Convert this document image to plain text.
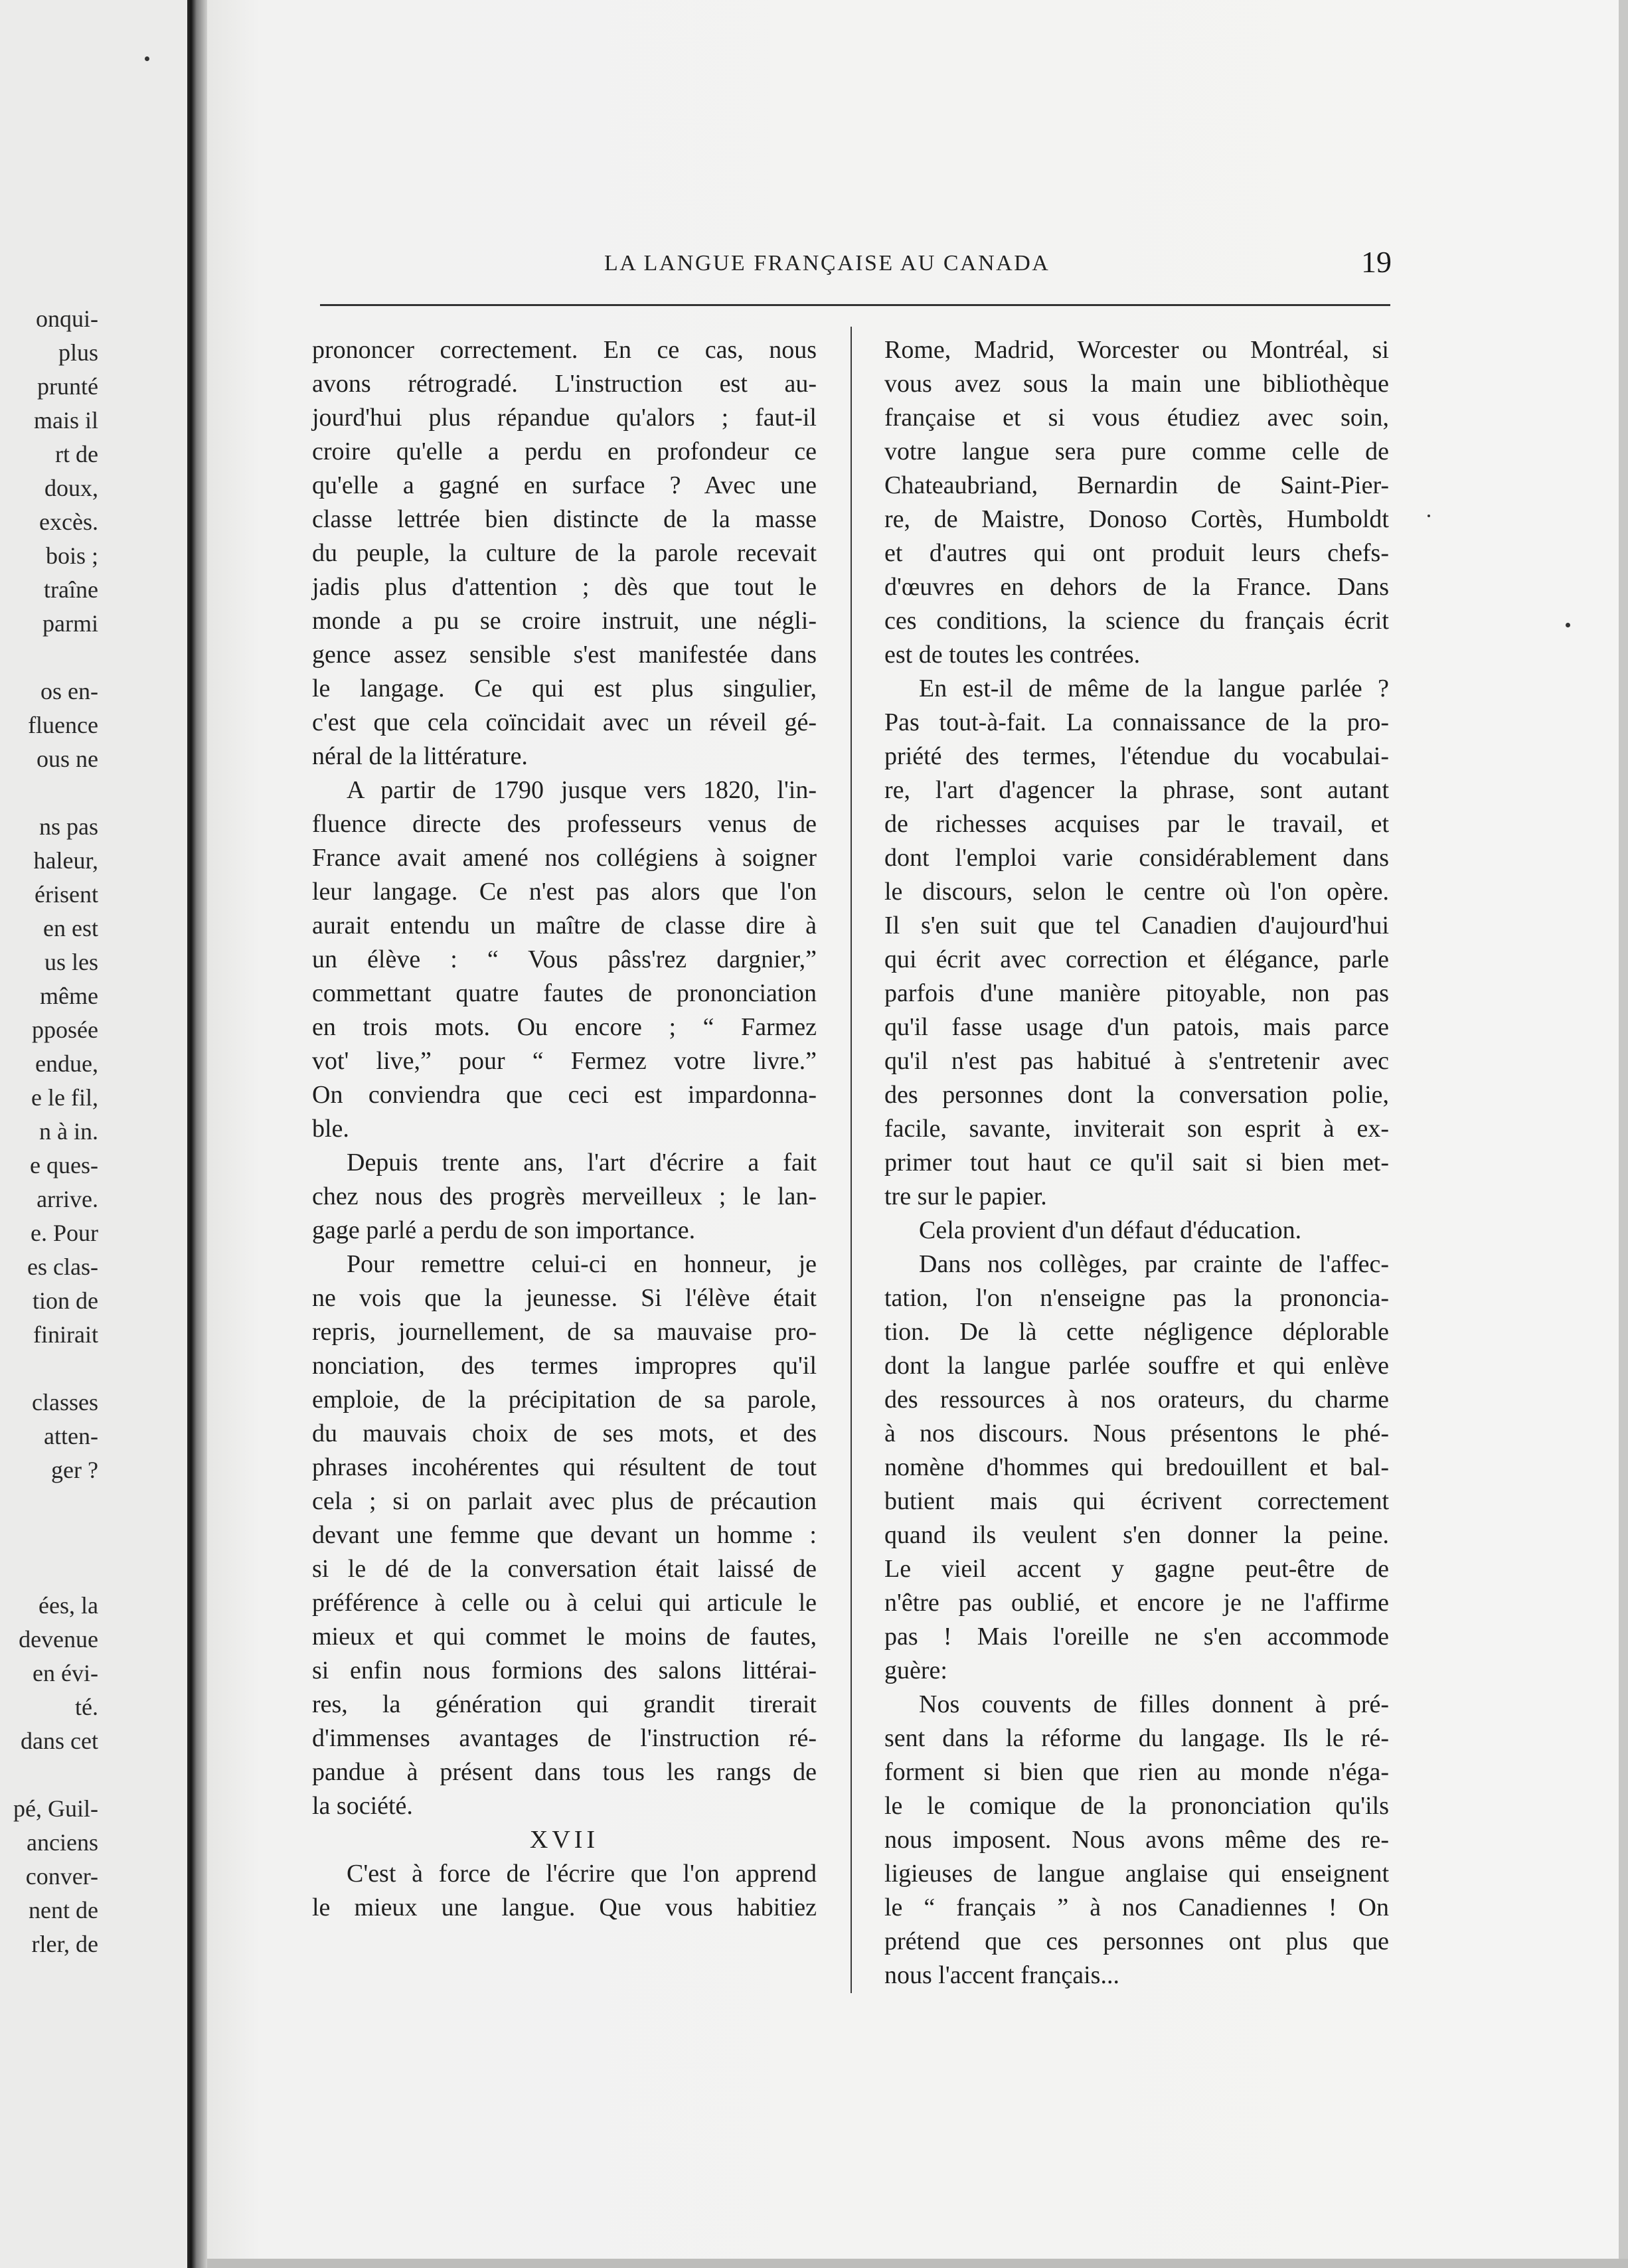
onqui-
plus
prunté
mais il
rt de
doux,
excès.
bois ;
traîne
parmi
os en-
fluence
ous ne
ns pas
haleur,
érisent
en est
us les
même
pposée
endue,
e le fil,
n à in.
e ques-
arrive.
e. Pour
es clas-
tion de
finirait
classes
atten-
ger ?
ées, la
devenue
en évi-
té.
dans cet
pé, Guil-
anciens
conver-
nent de
rler, de
LA LANGUE FRANÇAISE AU CANADA	19

prononcer correctement. En ce cas, nous
avons rétrogradé. L'instruction est au-
jourd'hui plus répandue qu'alors ; faut-il
croire qu'elle a perdu en profondeur ce
qu'elle a gagné en surface ? Avec une
classe lettrée bien distincte de la masse
du peuple, la culture de la parole recevait
jadis plus d'attention ; dès que tout le
monde a pu se croire instruit, une négli-
gence assez sensible s'est manifestée dans
le langage. Ce qui est plus singulier,
c'est que cela coïncidait avec un réveil gé-
néral de la littérature.

A partir de 1790 jusque vers 1820, l'in-
fluence directe des professeurs venus de
France avait amené nos collégiens à soigner
leur langage. Ce n'est pas alors que l'on
aurait entendu un maître de classe dire à
un élève : “ Vous pâss'rez dargnier,”
commettant quatre fautes de prononciation
en trois mots. Ou encore ; “ Farmez
vot' live,” pour “ Fermez votre livre.”
On conviendra que ceci est impardonna-
ble.

Depuis trente ans, l'art d'écrire a fait
chez nous des progrès merveilleux ; le lan-
gage parlé a perdu de son importance.

Pour remettre celui-ci en honneur, je
ne vois que la jeunesse. Si l'élève était
repris, journellement, de sa mauvaise pro-
nonciation, des termes impropres qu'il
emploie, de la précipitation de sa parole,
du mauvais choix de ses mots, et des
phrases incohérentes qui résultent de tout
cela ; si on parlait avec plus de précaution
devant une femme que devant un homme :
si le dé de la conversation était laissé de
préférence à celle ou à celui qui articule le
mieux et qui commet le moins de fautes,
si enfin nous formions des salons littérai-
res, la génération qui grandit tirerait
d'immenses avantages de l'instruction ré-
pandue à présent dans tous les rangs de
la société.

XVII

C'est à force de l'écrire que l'on apprend
le mieux une langue. Que vous habitiez

Rome, Madrid, Worcester ou Montréal, si
vous avez sous la main une bibliothèque
française et si vous étudiez avec soin,
votre langue sera pure comme celle de
Chateaubriand, Bernardin de Saint-Pier-
re, de Maistre, Donoso Cortès, Humboldt
et d'autres qui ont produit leurs chefs-
d'œuvres en dehors de la France. Dans
ces conditions, la science du français écrit
est de toutes les contrées.

En est-il de même de la langue parlée ?
Pas tout-à-fait. La connaissance de la pro-
priété des termes, l'étendue du vocabulai-
re, l'art d'agencer la phrase, sont autant
de richesses acquises par le travail, et
dont l'emploi varie considérablement dans
le discours, selon le centre où l'on opère.
Il s'en suit que tel Canadien d'aujourd'hui
qui écrit avec correction et élégance, parle
parfois d'une manière pitoyable, non pas
qu'il fasse usage d'un patois, mais parce
qu'il n'est pas habitué à s'entretenir avec
des personnes dont la conversation polie,
facile, savante, inviterait son esprit à ex-
primer tout haut ce qu'il sait si bien met-
tre sur le papier.

Cela provient d'un défaut d'éducation.

Dans nos collèges, par crainte de l'affec-
tation, l'on n'enseigne pas la prononcia-
tion. De là cette négligence déplorable
dont la langue parlée souffre et qui enlève
des ressources à nos orateurs, du charme
à nos discours. Nous présentons le phé-
nomène d'hommes qui bredouillent et bal-
butient mais qui écrivent correctement
quand ils veulent s'en donner la peine.
Le vieil accent y gagne peut-être de
n'être pas oublié, et encore je ne l'affirme
pas ! Mais l'oreille ne s'en accommode
guère:

Nos couvents de filles donnent à pré-
sent dans la réforme du langage. Ils le ré-
forment si bien que rien au monde n'éga-
le le comique de la prononciation qu'ils
nous imposent. Nous avons même des re-
ligieuses de langue anglaise qui enseignent
le “ français ” à nos Canadiennes ! On
prétend que ces personnes ont plus que
nous l'accent français...
